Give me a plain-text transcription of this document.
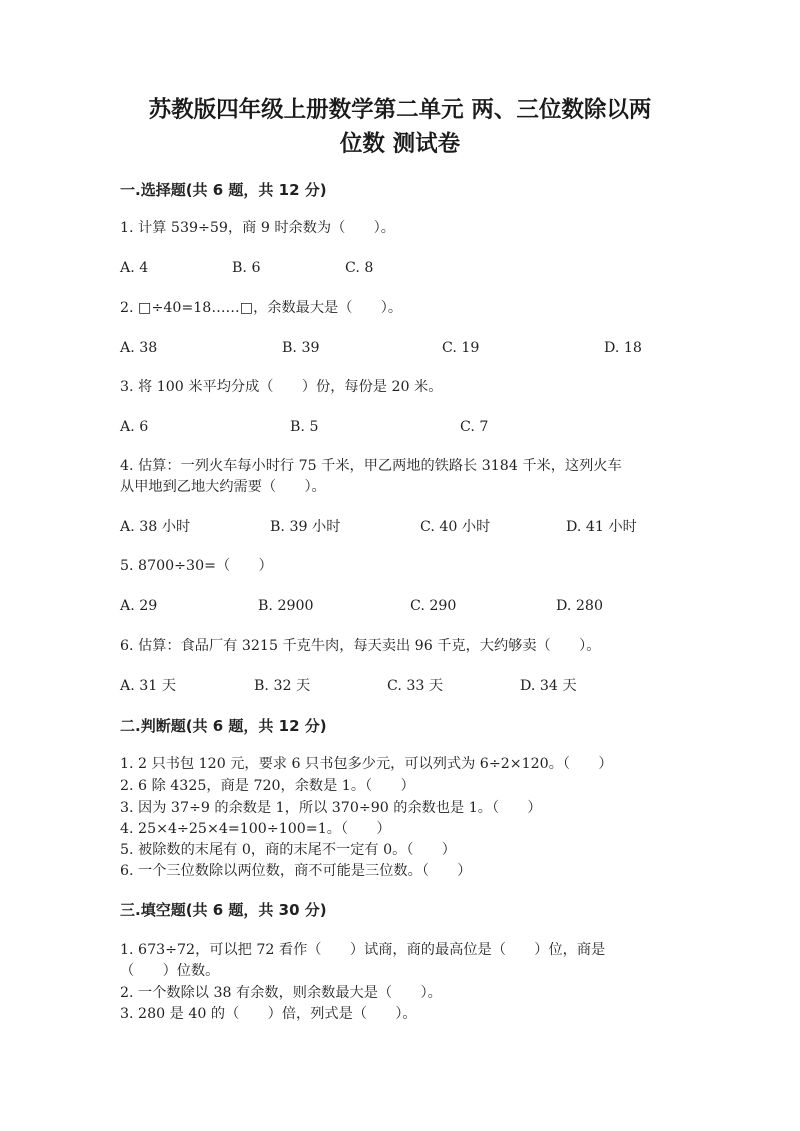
苏教版四年级上册数学第二单元 两、三位数除以两
位数 测试卷
一.选择题(共 6 题，共 12 分)
1. 计算 539÷59，商 9 时余数为（　　）。
A. 4	B. 6	C. 8
2. □÷40=18……□，余数最大是（　　）。
A. 38	B. 39	C. 19	D. 18
3. 将 100 米平均分成（　　）份，每份是 20 米。
A. 6	B. 5	C. 7
4. 估算：一列火车每小时行 75 千米，甲乙两地的铁路长 3184 千米，这列火车
从甲地到乙地大约需要（　　）。
A. 38 小时	B. 39 小时	C. 40 小时	D. 41 小时
5. 8700÷30=（　　）
A. 29	B. 2900	C. 290	D. 280
6. 估算：食品厂有 3215 千克牛肉，每天卖出 96 千克，大约够卖（　　）。
A. 31 天	B. 32 天	C. 33 天	D. 34 天
二.判断题(共 6 题，共 12 分)
1. 2 只书包 120 元，要求 6 只书包多少元，可以列式为 6÷2×120。（　　）
2. 6 除 4325，商是 720，余数是 1。（　　）
3. 因为 37÷9 的余数是 1，所以 370÷90 的余数也是 1。（　　）
4. 25×4÷25×4=100÷100=1。（　　）
5. 被除数的末尾有 0，商的末尾不一定有 0。（　　）
6. 一个三位数除以两位数，商不可能是三位数。（　　）
三.填空题(共 6 题，共 30 分)
1. 673÷72，可以把 72 看作（　　）试商，商的最高位是（　　）位，商是
（　　）位数。
2. 一个数除以 38 有余数，则余数最大是（　　）。
3. 280 是 40 的（　　）倍，列式是（　　）。
